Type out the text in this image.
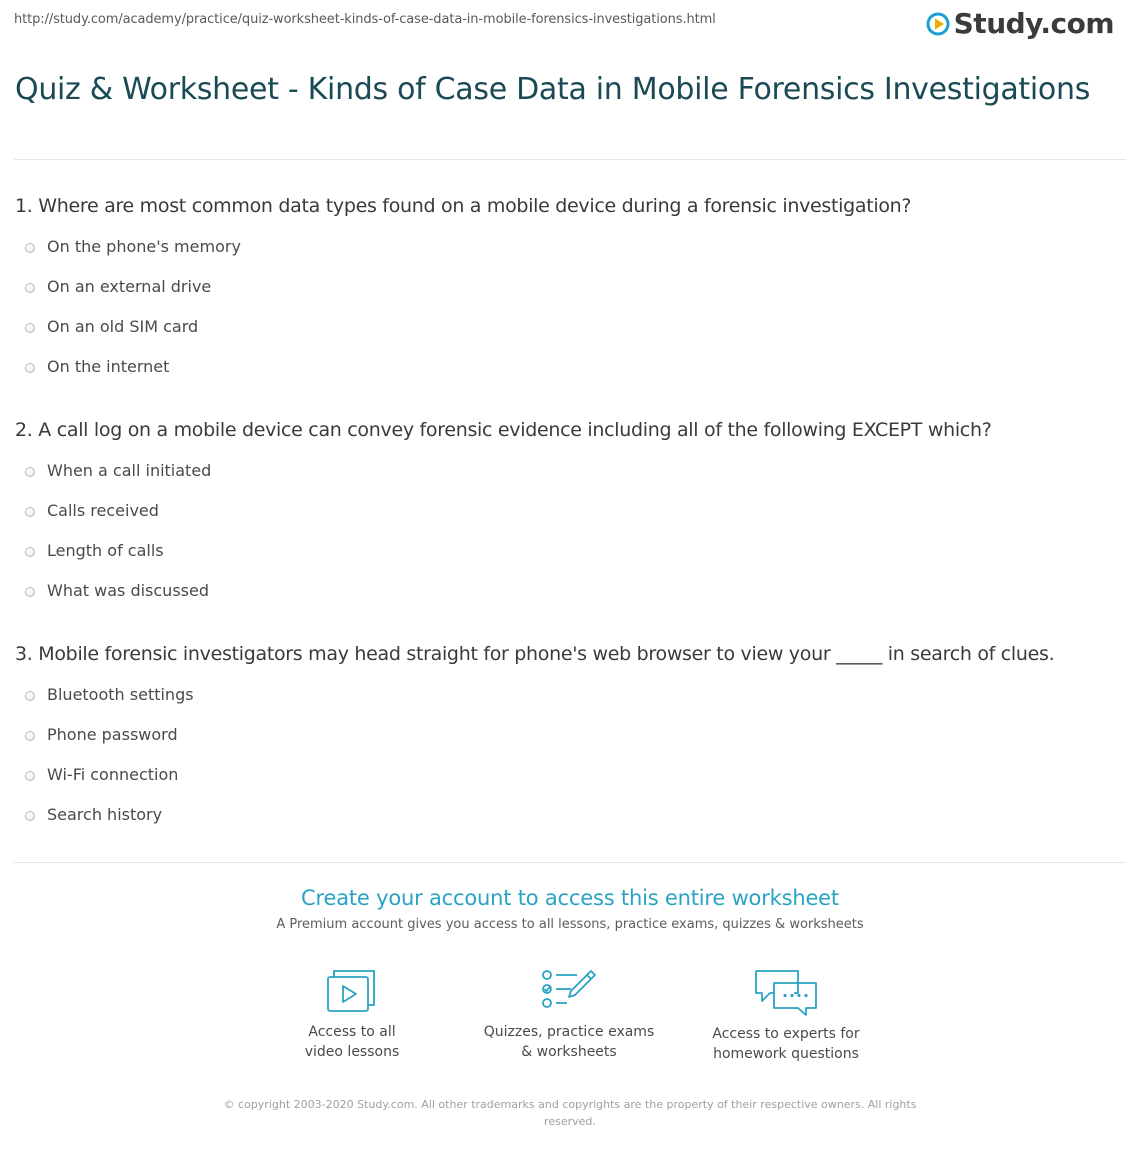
http://study.com/academy/practice/quiz-worksheet-kinds-of-case-data-in-mobile-forensics-investigations.html	Study.com
Quiz & Worksheet - Kinds of Case Data in Mobile Forensics Investigations
1. Where are most common data types found on a mobile device during a forensic investigation?
On the phone's memory
On an external drive
On an old SIM card
On the internet
2. A call log on a mobile device can convey forensic evidence including all of the following EXCEPT which?
When a call initiated
Calls received
Length of calls
What was discussed
3. Mobile forensic investigators may head straight for phone's web browser to view your _____ in search of clues.
Bluetooth settings
Phone password
Wi-Fi connection
Search history
Create your account to access this entire worksheet
A Premium account gives you access to all lessons, practice exams, quizzes & worksheets
Access to all
video lessons
Quizzes, practice exams
& worksheets
Access to experts for
homework questions
© copyright 2003-2020 Study.com. All other trademarks and copyrights are the property of their respective owners. All rights reserved.
